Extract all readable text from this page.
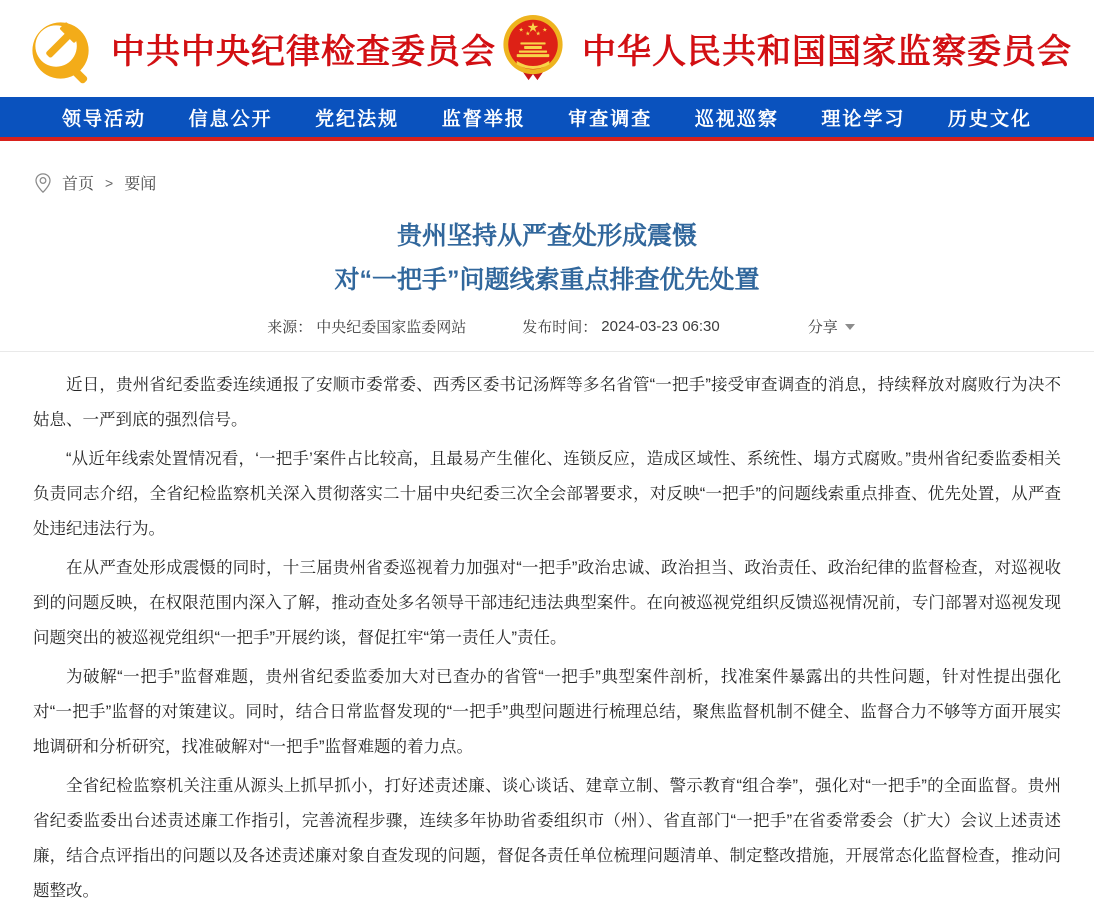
中共中央纪律检查委员会	中华人民共和国国家监察委员会
领导活动 信息公开 党纪法规 监督举报 审查调查 巡视巡察 理论学习 历史文化
首页 > 要闻
贵州坚持从严查处形成震慑
对“一把手”问题线索重点排查优先处置
来源： 中央纪委国家监委网站	发布时间： 2024-03-23 06:30	分享

近日，贵州省纪委监委连续通报了安顺市委常委、西秀区委书记汤辉等多名省管“一把手”接受审查调查的消息，持续释放对腐败行为决不姑息、一严到底的强烈信号。

“从近年线索处置情况看，‘一把手’案件占比较高，且最易产生催化、连锁反应，造成区域性、系统性、塌方式腐败。”贵州省纪委监委相关负责同志介绍，全省纪检监察机关深入贯彻落实二十届中央纪委三次全会部署要求，对反映“一把手”的问题线索重点排查、优先处置，从严查处违纪违法行为。

在从严查处形成震慑的同时，十三届贵州省委巡视着力加强对“一把手”政治忠诚、政治担当、政治责任、政治纪律的监督检查，对巡视收到的问题反映，在权限范围内深入了解，推动查处多名领导干部违纪违法典型案件。在向被巡视党组织反馈巡视情况前，专门部署对巡视发现问题突出的被巡视党组织“一把手”开展约谈，督促扛牢“第一责任人”责任。

为破解“一把手”监督难题，贵州省纪委监委加大对已查办的省管“一把手”典型案件剖析，找准案件暴露出的共性问题，针对性提出强化对“一把手”监督的对策建议。同时，结合日常监督发现的“一把手”典型问题进行梳理总结，聚焦监督机制不健全、监督合力不够等方面开展实地调研和分析研究，找准破解对“一把手”监督难题的着力点。

全省纪检监察机关注重从源头上抓早抓小，打好述责述廉、谈心谈话、建章立制、警示教育“组合拳”，强化对“一把手”的全面监督。贵州省纪委监委出台述责述廉工作指引，完善流程步骤，连续多年协助省委组织市（州）、省直部门“一把手”在省委常委会（扩大）会议上述责述廉，结合点评指出的问题以及各述责述廉对象自查发现的问题，督促各责任单位梳理问题清单、制定整改措施，开展常态化监督检查，推动问题整改。
